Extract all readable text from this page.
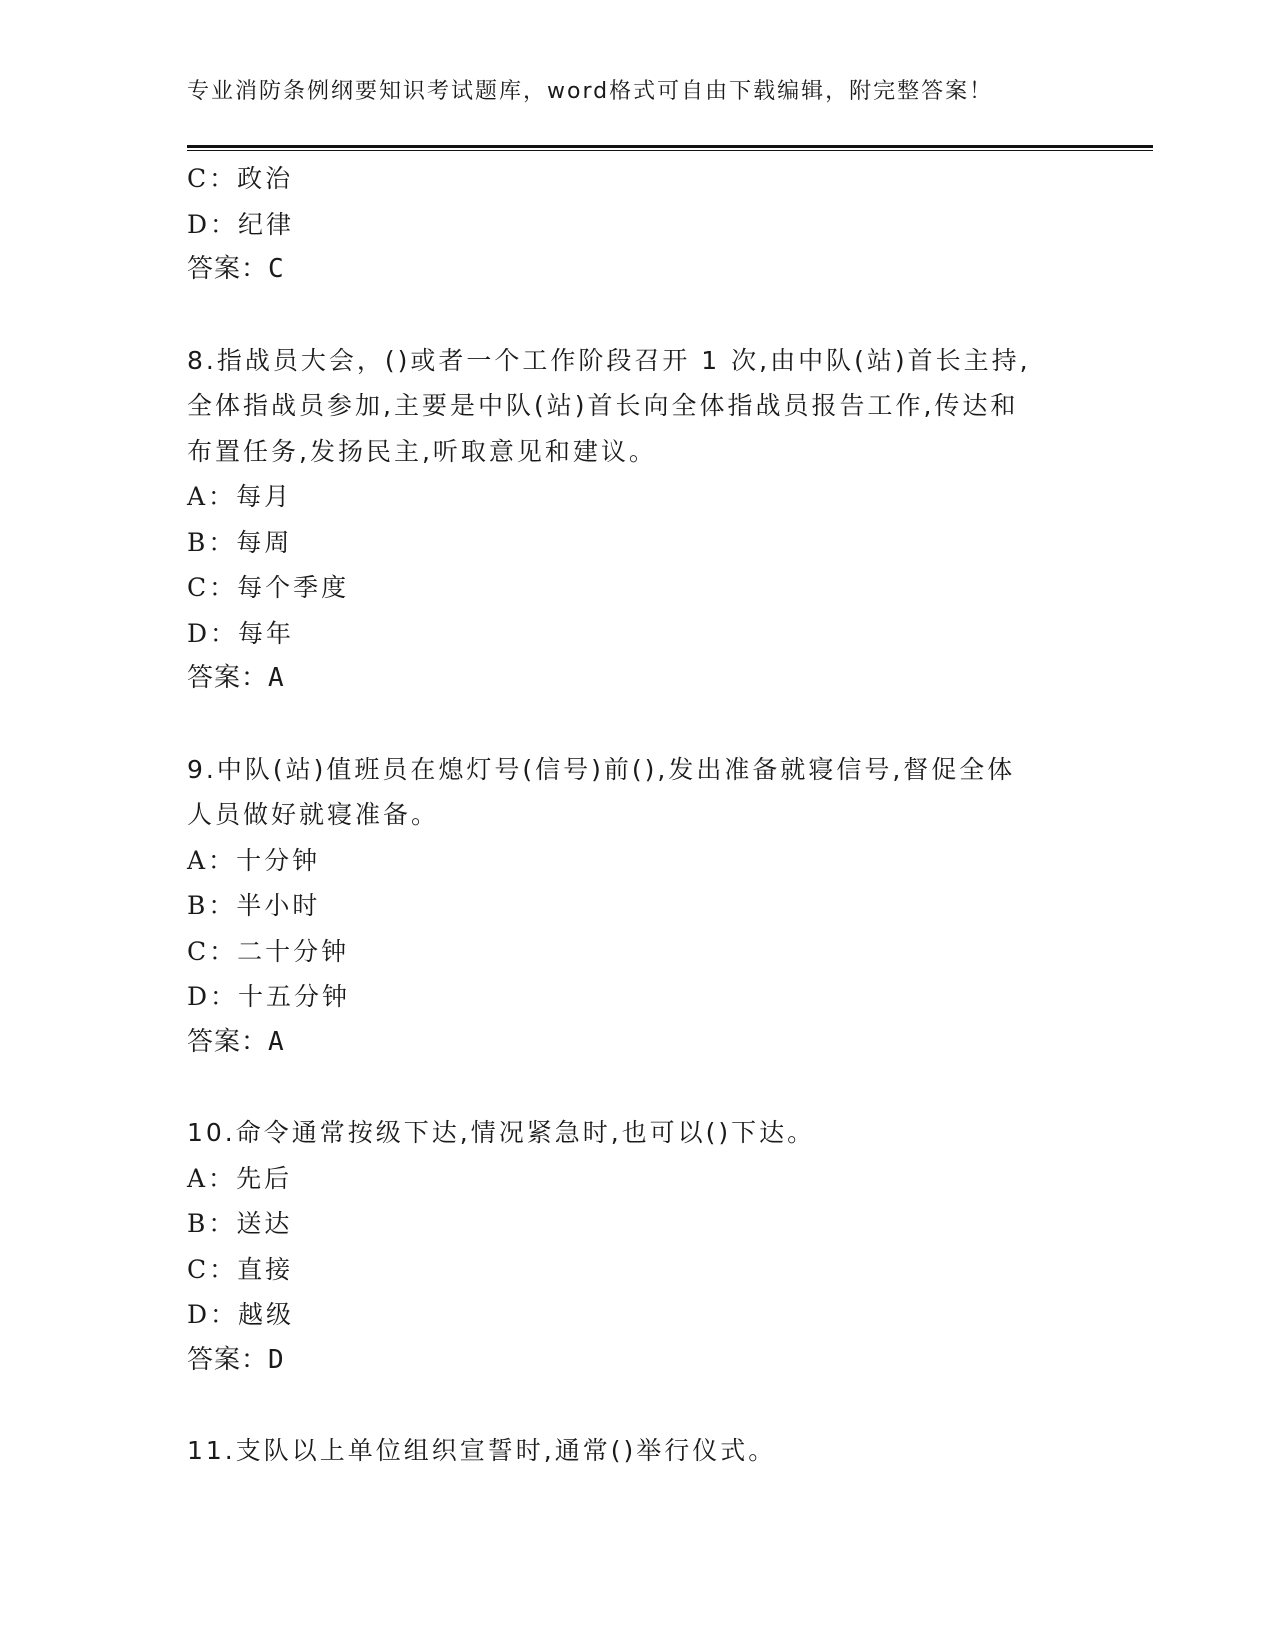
专业消防条例纲要知识考试题库，word格式可自由下载编辑，附完整答案！
C：政治
D：纪律
答案：C
8.指战员大会，()或者一个工作阶段召开 1 次,由中队(站)首长主持,
全体指战员参加,主要是中队(站)首长向全体指战员报告工作,传达和
布置任务,发扬民主,听取意见和建议。
A：每月
B：每周
C：每个季度
D：每年
答案：A
9.中队(站)值班员在熄灯号(信号)前(),发出准备就寝信号,督促全体
人员做好就寝准备。
A：十分钟
B：半小时
C：二十分钟
D：十五分钟
答案：A
10.命令通常按级下达,情况紧急时,也可以()下达。
A：先后
B：送达
C：直接
D：越级
答案：D
11.支队以上单位组织宣誓时,通常()举行仪式。
